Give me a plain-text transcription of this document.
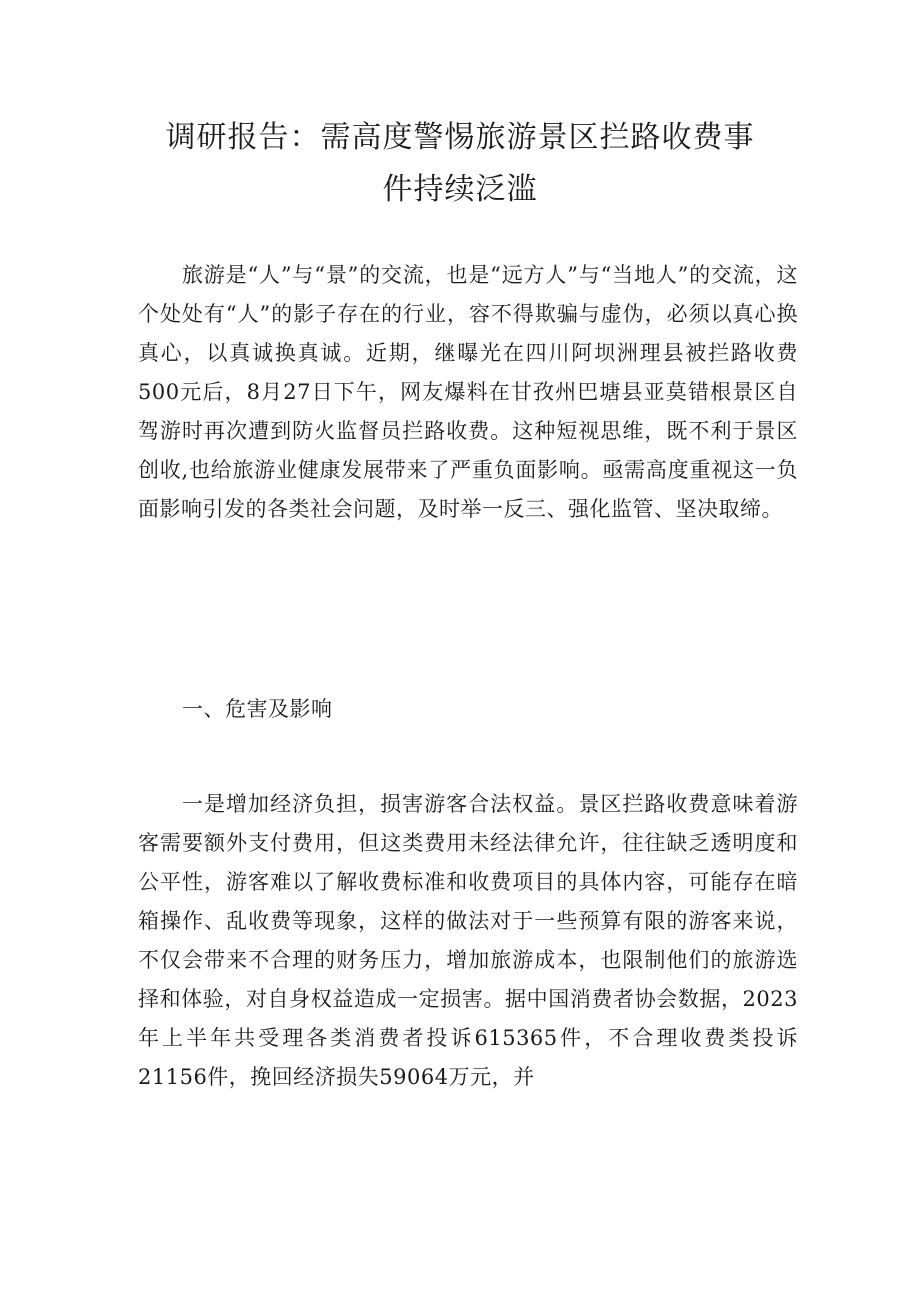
调研报告：需高度警惕旅游景区拦路收费事
件持续泛滥

旅游是“人”与“景”的交流，也是“远方人”与“当地人”的交流，这个处处有“人”的影子存在的行业，容不得欺骗与虚伪，必须以真心换真心，以真诚换真诚。近期，继曝光在四川阿坝洲理县被拦路收费500元后，8月27日下午，网友爆料在甘孜州巴塘县亚莫错根景区自驾游时再次遭到防火监督员拦路收费。这种短视思维，既不利于景区创收,也给旅游业健康发展带来了严重负面影响。亟需高度重视这一负面影响引发的各类社会问题，及时举一反三、强化监管、坚决取缔。

一、危害及影响

一是增加经济负担，损害游客合法权益。景区拦路收费意味着游客需要额外支付费用，但这类费用未经法律允许，往往缺乏透明度和公平性，游客难以了解收费标准和收费项目的具体内容，可能存在暗箱操作、乱收费等现象，这样的做法对于一些预算有限的游客来说，不仅会带来不合理的财务压力，增加旅游成本，也限制他们的旅游选择和体验，对自身权益造成一定损害。据中国消费者协会数据，2023年上半年共受理各类消费者投诉615365件，不合理收费类投诉21156件，挽回经济损失59064万元，并
